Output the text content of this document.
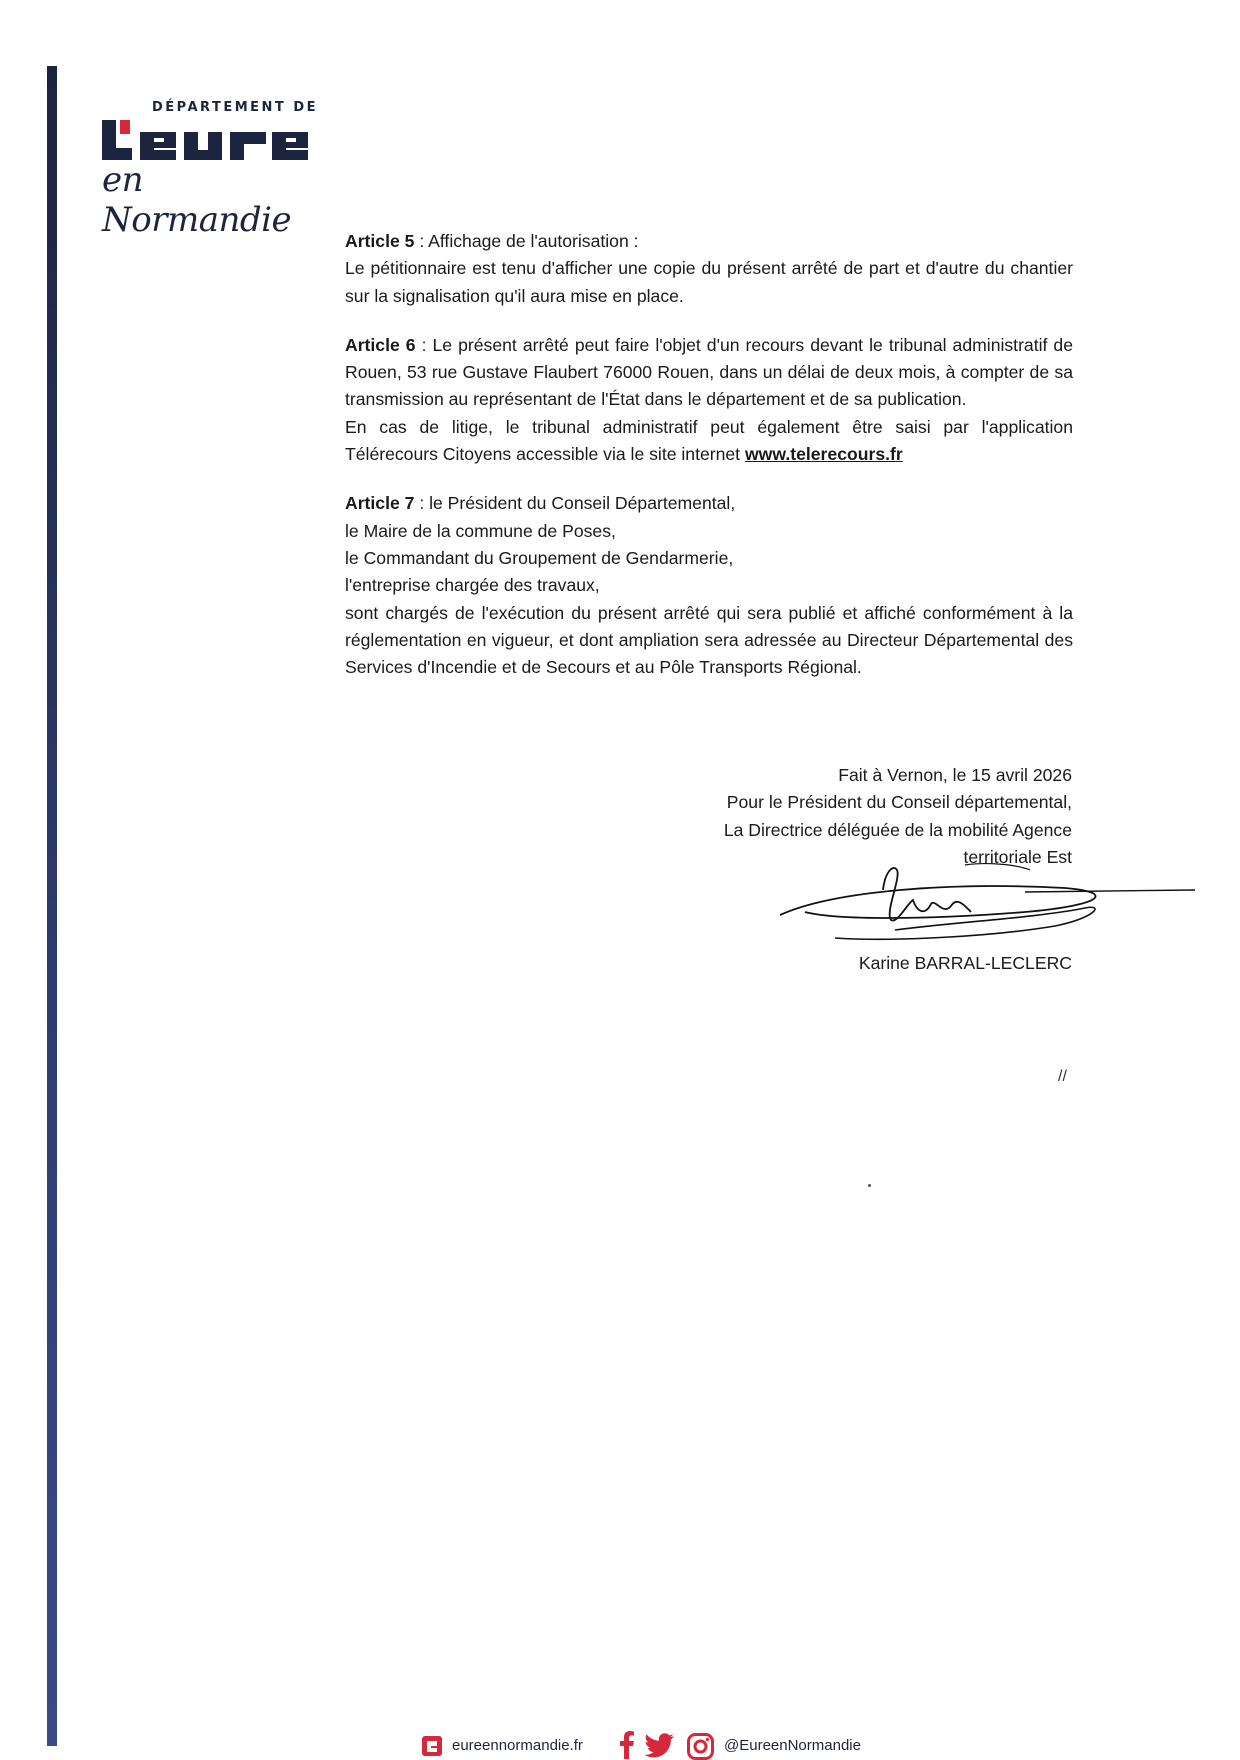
DÉPARTEMENT DE
en Normandie

Article 5 : Affichage de l'autorisation :

Le pétitionnaire est tenu d'afficher une copie du présent arrêté de part et d'autre du chantier sur la signalisation qu'il aura mise en place.

Article 6 : Le présent arrêté peut faire l'objet d'un recours devant le tribunal administratif de Rouen, 53 rue Gustave Flaubert 76000 Rouen, dans un délai de deux mois, à compter de sa transmission au représentant de l'État dans le département et de sa publication.

En cas de litige, le tribunal administratif peut également être saisi par l'application Télérecours Citoyens accessible via le site internet www.telerecours.fr

Article 7 : le Président du Conseil Départemental,

le Maire de la commune de Poses,

le Commandant du Groupement de Gendarmerie,

l'entreprise chargée des travaux,

sont chargés de l'exécution du présent arrêté qui sera publié et affiché conformément à la réglementation en vigueur, et dont ampliation sera adressée au Directeur Départemental des Services d'Incendie et de Secours et au Pôle Transports Régional.

Fait à Vernon, le 15 avril 2026

Pour le Président du Conseil départemental,

La Directrice déléguée de la mobilité Agence

territoriale Est

Karine BARRAL-LECLERC
//
eureennormandie.fr	@EureenNormandie
